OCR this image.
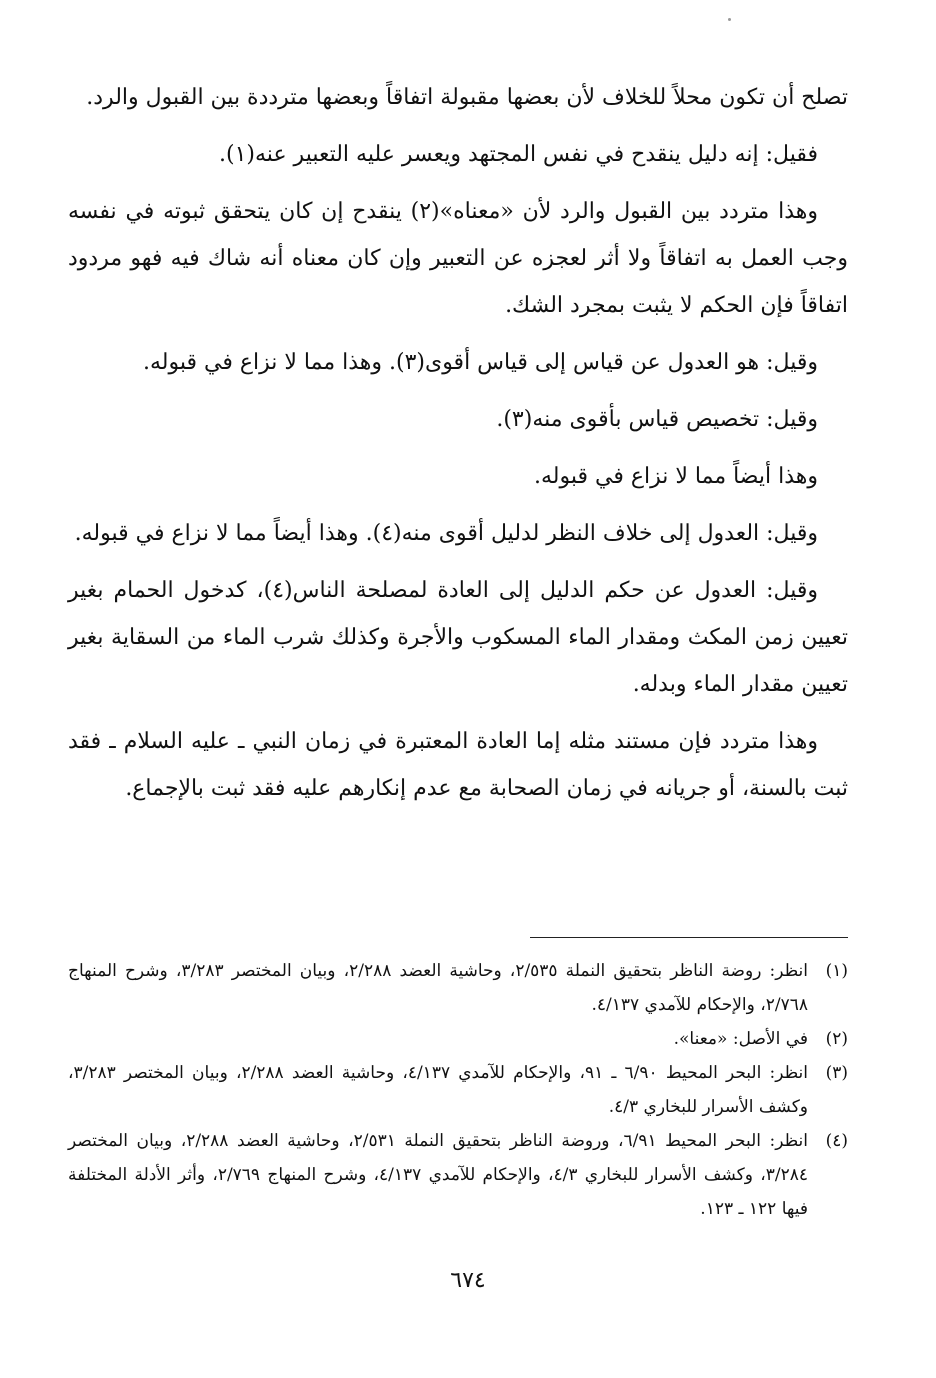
تصلح أن تكون محلاً للخلاف لأن بعضها مقبولة اتفاقاً وبعضها مترددة بين القبول والرد.

فقيل: إنه دليل ينقدح في نفس المجتهد ويعسر عليه التعبير عنه(١).

وهذا متردد بين القبول والرد لأن «معناه»(٢) ينقدح إن كان يتحقق ثبوته في نفسه وجب العمل به اتفاقاً ولا أثر لعجزه عن التعبير وإن كان معناه أنه شاك فيه فهو مردود اتفاقاً فإن الحكم لا يثبت بمجرد الشك.

وقيل: هو العدول عن قياس إلى قياس أقوى(٣). وهذا مما لا نزاع في قبوله.

وقيل: تخصيص قياس بأقوى منه(٣).

وهذا أيضاً مما لا نزاع في قبوله.

وقيل: العدول إلى خلاف النظر لدليل أقوى منه(٤). وهذا أيضاً مما لا نزاع في قبوله.

وقيل: العدول عن حكم الدليل إلى العادة لمصلحة الناس(٤)، كدخول الحمام بغير تعيين زمن المكث ومقدار الماء المسكوب والأجرة وكذلك شرب الماء من السقاية بغير تعيين مقدار الماء وبدله.

وهذا متردد فإن مستند مثله إما العادة المعتبرة في زمان النبي ـ عليه السلام ـ فقد ثبت بالسنة، أو جريانه في زمان الصحابة مع عدم إنكارهم عليه فقد ثبت بالإجماع.

(١)
انظر: روضة الناظر بتحقيق النملة ٢/٥٣٥، وحاشية العضد ٢/٢٨٨، وبيان المختصر ٣/٢٨٣، وشرح المنهاج ٢/٧٦٨، والإحكام للآمدي ٤/١٣٧.
(٢)
في الأصل: «معنا».
(٣)
انظر: البحر المحيط ٦/٩٠ ـ ٩١، والإحكام للآمدي ٤/١٣٧، وحاشية العضد ٢/٢٨٨، وبيان المختصر ٣/٢٨٣، وكشف الأسرار للبخاري ٤/٣.
(٤)
انظر: البحر المحيط ٦/٩١، وروضة الناظر بتحقيق النملة ٢/٥٣١، وحاشية العضد ٢/٢٨٨، وبيان المختصر ٣/٢٨٤، وكشف الأسرار للبخاري ٤/٣، والإحكام للآمدي ٤/١٣٧، وشرح المنهاج ٢/٧٦٩، وأثر الأدلة المختلفة فيها ١٢٢ ـ ١٢٣.
٦٧٤
